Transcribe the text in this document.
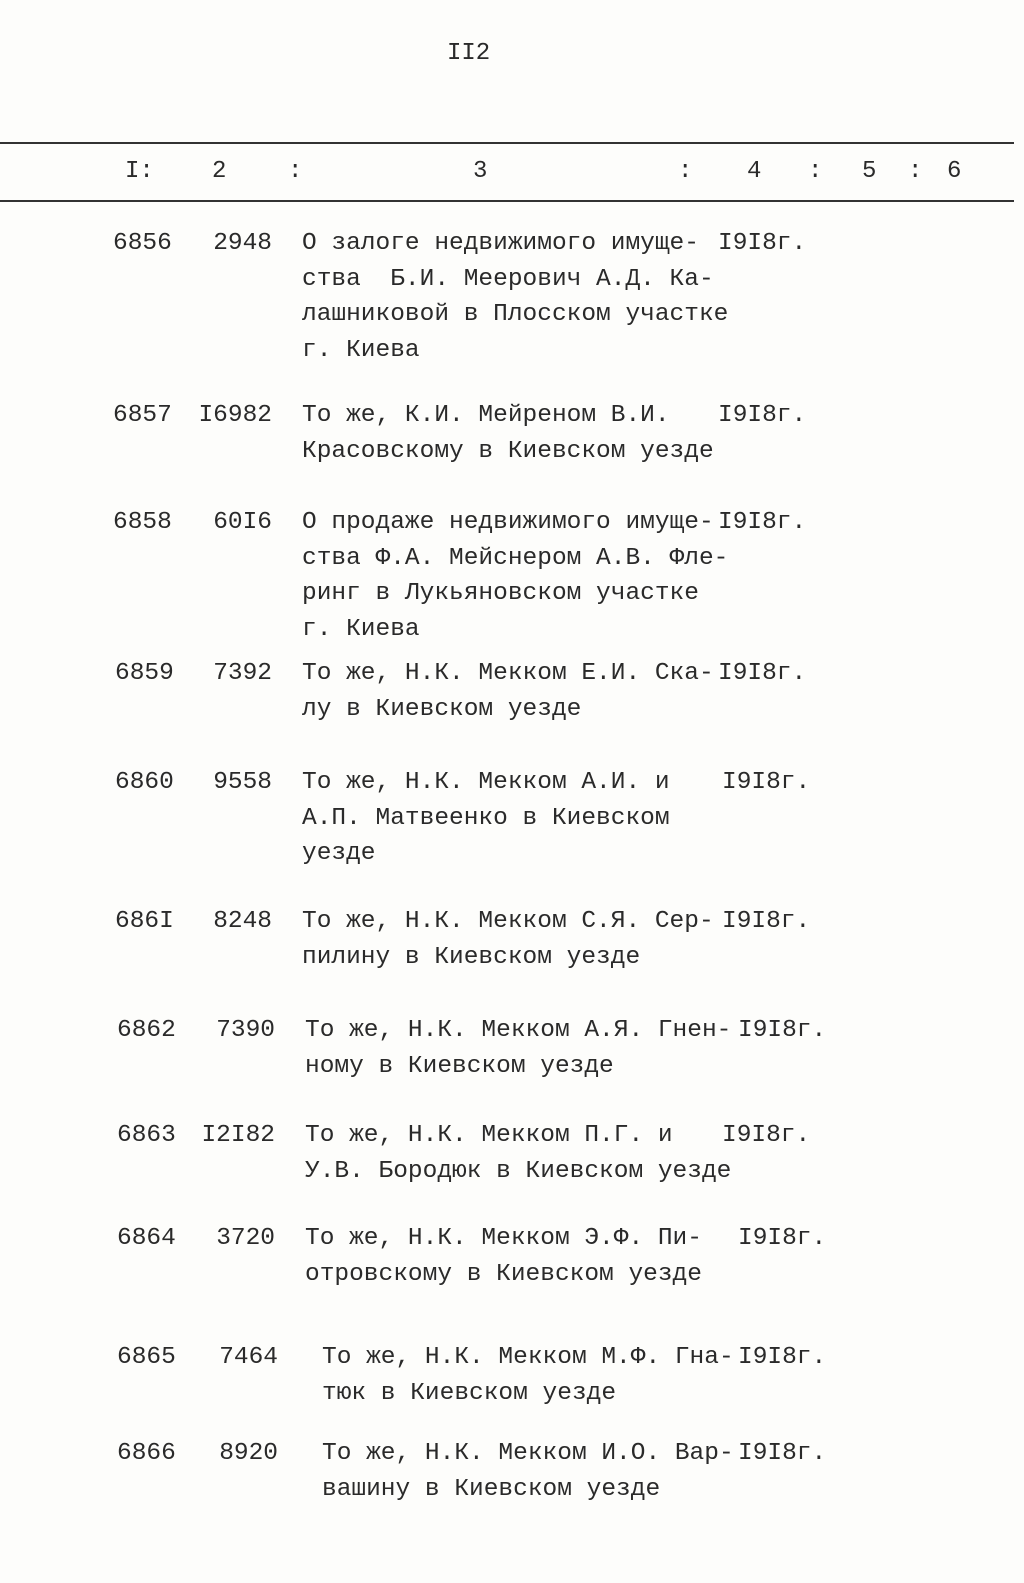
II2
I: 2	:	3	: 4 : 5 : 6
6856	2948 О залоге недвижимого имуще-
ства  Б.И. Меерович А.Д. Ка-
лашниковой в Плосском участке
г. Киева
I9I8г.
6857	I6982 То же, К.И. Мейреном В.И.
Красовскому в Киевском уезде
I9I8г.
6858	60I6 О продаже недвижимого имуще-
ства Ф.А. Мейснером А.В. Фле-
ринг в Лукьяновском участке
г. Киева
I9I8г.
6859	7392 То же, Н.К. Мекком Е.И. Ска-
лу в Киевском уезде
I9I8г.
6860	9558 То же, Н.К. Мекком А.И. и
А.П. Матвеенко в Киевском
уезде
I9I8г.
686I	8248 То же, Н.К. Мекком С.Я. Сер-
пилину в Киевском уезде
I9I8г.
6862	7390 То же, Н.К. Мекком А.Я. Гнен-
ному в Киевском уезде
I9I8г.
6863	I2I82 То же, Н.К. Мекком П.Г. и
У.В. Бородюк в Киевском уезде
I9I8г.
6864	3720 То же, Н.К. Мекком Э.Ф. Пи-
отровскому в Киевском уезде
I9I8г.
6865	7464 То же, Н.К. Мекком М.Ф. Гна-
тюк в Киевском уезде
I9I8г.
6866	8920 То же, Н.К. Мекком И.О. Вар-
вашину в Киевском уезде
I9I8г.
